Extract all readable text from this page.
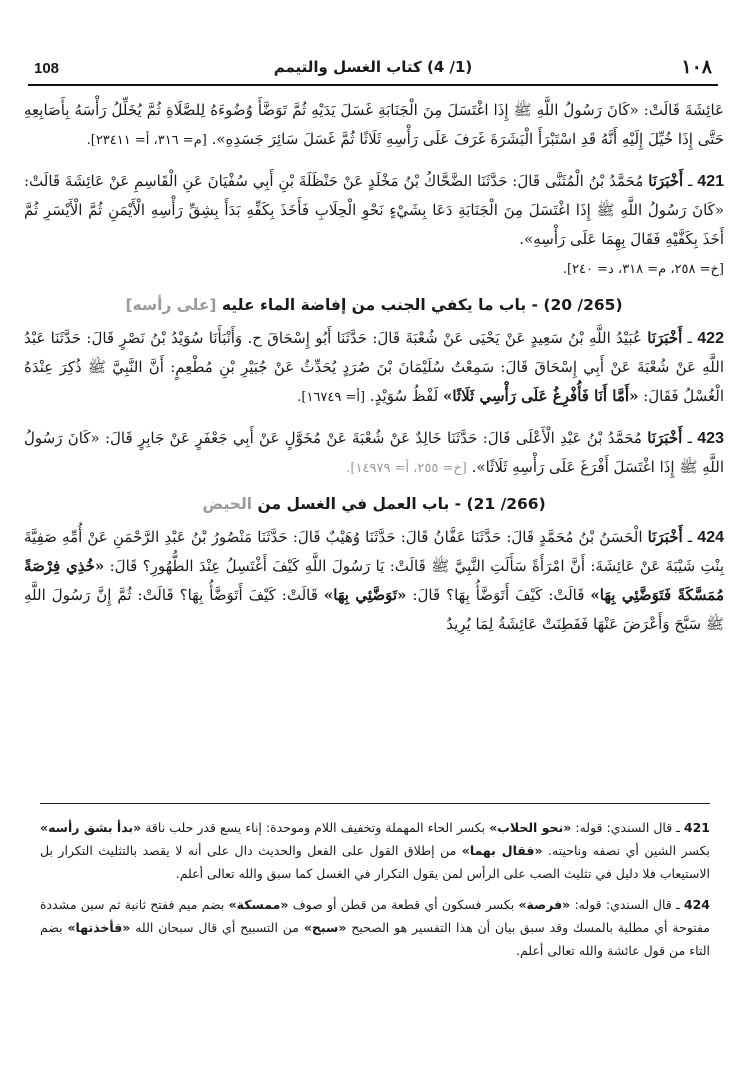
108	(1/ 4) كتاب الغسل والتيمم	١٠٨

عَائِشَةَ قَالَتْ: «كَانَ رَسُولُ اللَّهِ ﷺ إِذَا اغْتَسَلَ مِنَ الْجَنَابَةِ غَسَلَ يَدَيْهِ ثُمَّ تَوَضَّأَ وُضُوءَهُ لِلصَّلَاةِ ثُمَّ يُخَلِّلُ رَأْسَهُ بِأَصَابِعِهِ حَتَّى إِذَا خُيِّلَ إِلَيْهِ أَنَّهُ قَدِ اسْتَبْرَأَ الْبَشَرَةَ غَرَفَ عَلَى رَأْسِهِ ثَلَاثًا ثُمَّ غَسَلَ سَائِرَ جَسَدِهِ». [م= ٣١٦، أ= ٢٣٤١١].

421 ـ أَخْبَرَنَا مُحَمَّدُ بْنُ الْمُثَنَّى قَالَ: حَدَّثَنَا الضَّحَّاكُ بْنُ مَخْلَدٍ عَنْ حَنْظَلَةَ بْنِ أَبِي سُفْيَانَ عَنِ الْقَاسِمِ عَنْ عَائِشَةَ قَالَتْ: «كَانَ رَسُولُ اللَّهِ ﷺ إِذَا اغْتَسَلَ مِنَ الْجَنَابَةِ دَعَا بِشَيْءٍ نَحْوِ الْحِلَابِ فَأَخَذَ بِكَفِّهِ بَدَأَ بِشِقِّ رَأْسِهِ الْأَيْمَنِ ثُمَّ الْأَيْسَرِ ثُمَّ أَخَذَ بِكَفَّيْهِ فَقَالَ بِهِمَا عَلَى رَأْسِهِ».
[خ= ٢٥٨، م= ٣١٨، د= ٢٤٠].

(265/ 20) - باب ما يكفي الجنب من إفاضة الماء عليه [على رأسه]

422 ـ أَخْبَرَنَا عُبَيْدُ اللَّهِ بْنُ سَعِيدٍ عَنْ يَحْيَى عَنْ شُعْبَةَ قَالَ: حَدَّثَنَا أَبُو إِسْحَاقَ ح. وَأَنْبَأَنَا سُوَيْدُ بْنُ نَصْرٍ قَالَ: حَدَّثَنَا عَبْدُ اللَّهِ عَنْ شُعْبَةَ عَنْ أَبِي إِسْحَاقَ قَالَ: سَمِعْتُ سُلَيْمَانَ بْنَ صُرَدٍ يُحَدِّثُ عَنْ جُبَيْرِ بْنِ مُطْعِمٍ: أَنَّ النَّبِيَّ ﷺ ذُكِرَ عِنْدَهُ الْغُسْلُ فَقَالَ: «أَمَّا أَنَا فَأُفْرِغُ عَلَى رَأْسِي ثَلَاثًا» لَفْظُ سُوَيْدٍ. [أ= ١٦٧٤٩].

423 ـ أَخْبَرَنَا مُحَمَّدُ بْنُ عَبْدِ الْأَعْلَى قَالَ: حَدَّثَنَا خَالِدٌ عَنْ شُعْبَةَ عَنْ مُخَوَّلٍ عَنْ أَبِي جَعْفَرٍ عَنْ جَابِرٍ قَالَ: «كَانَ رَسُولُ اللَّهِ ﷺ إِذَا اغْتَسَلَ أَفْرَغَ عَلَى رَأْسِهِ ثَلَاثًا». [خ= ٢٥٥، أ= ١٤٩٧٩].

(266/ 21) - باب العمل في الغسل من الحيض

424 ـ أَخْبَرَنَا الْحَسَنُ بْنُ مُحَمَّدٍ قَالَ: حَدَّثَنَا عَفَّانُ قَالَ: حَدَّثَنَا وُهَيْبٌ قَالَ: حَدَّثَنَا مَنْصُورُ بْنُ عَبْدِ الرَّحْمَنِ عَنْ أُمِّهِ صَفِيَّةَ بِنْتِ شَيْبَةَ عَنْ عَائِشَةَ: أَنَّ امْرَأَةً سَأَلَتِ النَّبِيَّ ﷺ قَالَتْ: يَا رَسُولَ اللَّهِ كَيْفَ أَغْتَسِلُ عِنْدَ الطُّهُورِ؟ قَالَ: «خُذِي فِرْصَةً مُمَسَّكَةً فَتَوَضَّئِي بِهَا» قَالَتْ: كَيْفَ أَتَوَضَّأُ بِهَا؟ قَالَ: «تَوَضَّئِي بِهَا» قَالَتْ: كَيْفَ أَتَوَضَّأُ بِهَا؟ قَالَتْ: ثُمَّ إِنَّ رَسُولَ اللَّهِ ﷺ سَبَّحَ وَأَعْرَضَ عَنْهَا فَفَطِنَتْ عَائِشَةُ لِمَا يُرِيدُ

421 ـ قال السندي: قوله: «نحو الحلاب» بكسر الحاء المهملة وتخفيف اللام وموحدة: إناء يسع قدر حلب ناقة «بدأ بشق رأسه» بكسر الشين أي نصفه وناحيته. «فقال بهما» من إطلاق القول على الفعل والحديث دال على أنه لا يقصد بالتثليث التكرار بل الاستيعاب فلا دليل في تثليث الصب على الرأس لمن يقول التكرار في الغسل كما سبق والله تعالى أعلم.

424 ـ قال السندي: قوله: «فرصة» بكسر فسكون أي قطعة من قطن أو صوف «ممسكة» بضم ميم ففتح ثانية ثم سين مشددة مفتوحة أي مطلية بالمسك وقد سبق بيان أن هذا التفسير هو الصحيح «سبح» من التسبيح أي قال سبحان الله «فأخذتها» بضم التاء من قول عائشة والله تعالى أعلم.
